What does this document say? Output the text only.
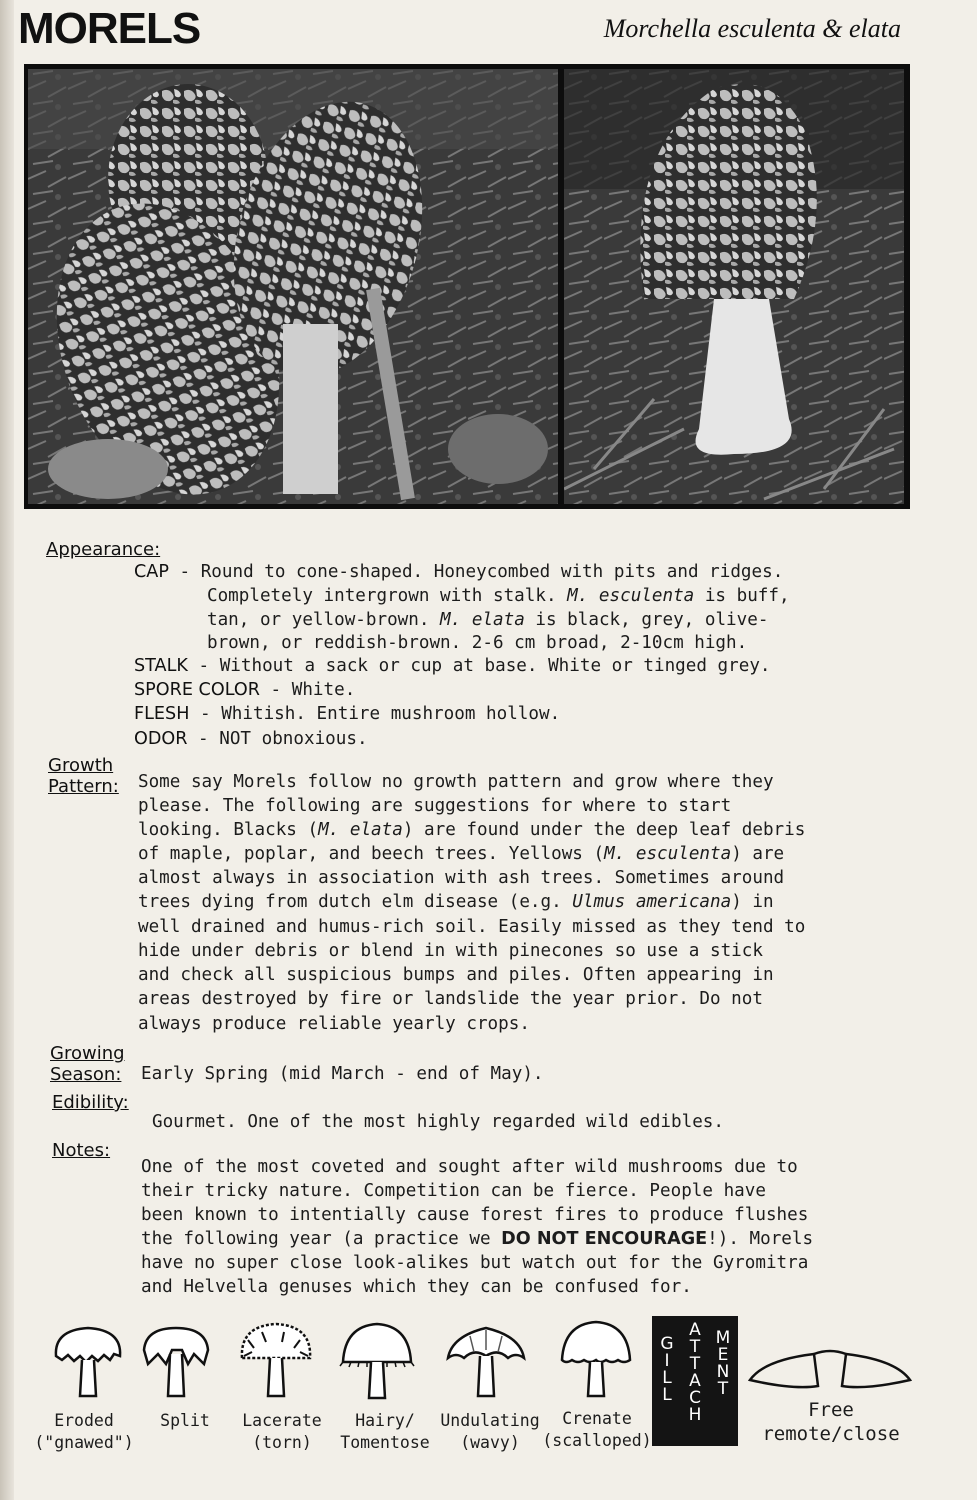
MORELS	Morchella esculenta & elata
Appearance:
CAP - Round to cone-shaped. Honeycombed with pits and ridges.
Completely intergrown with stalk. M. esculenta is buff,
tan, or yellow-brown. M. elata is black, grey, olive-
brown, or reddish-brown. 2-6 cm broad, 2-10cm high.
STALK - Without a sack or cup at base. White or tinged grey.
SPORE COLOR - White.
FLESH - Whitish. Entire mushroom hollow.
ODOR - NOT obnoxious.
Growth Pattern: Some say Morels follow no growth pattern and grow where they
please. The following are suggestions for where to start
looking. Blacks (M. elata) are found under the deep leaf debris
of maple, poplar, and beech trees. Yellows (M. esculenta) are
almost always in association with ash trees. Sometimes around
trees dying from dutch elm disease (e.g. Ulmus americana) in
well drained and humus-rich soil. Easily missed as they tend to
hide under debris or blend in with pinecones so use a stick
and check all suspicious bumps and piles. Often appearing in
areas destroyed by fire or landslide the year prior. Do not
always produce reliable yearly crops.
Growing Season: Early Spring (mid March - end of May).
Edibility:
Gourmet. One of the most highly regarded wild edibles.
Notes:
One of the most coveted and sought after wild mushrooms due to
their tricky nature. Competition can be fierce. People have
been known to intentially cause forest fires to produce flushes
the following year (a practice we DO NOT ENCOURAGE!). Morels
have no super close look-alikes but watch out for the Gyromitra
and Helvella genuses which they can be confused for.
Eroded
("gnawed")
Split	Lacerate
(torn)
Hairy/
Tomentose
Undulating
(wavy)
Crenate
(scalloped)
G
I
L
L
A
T
T
A
C
H
M
E
N
T
Free
remote/close
